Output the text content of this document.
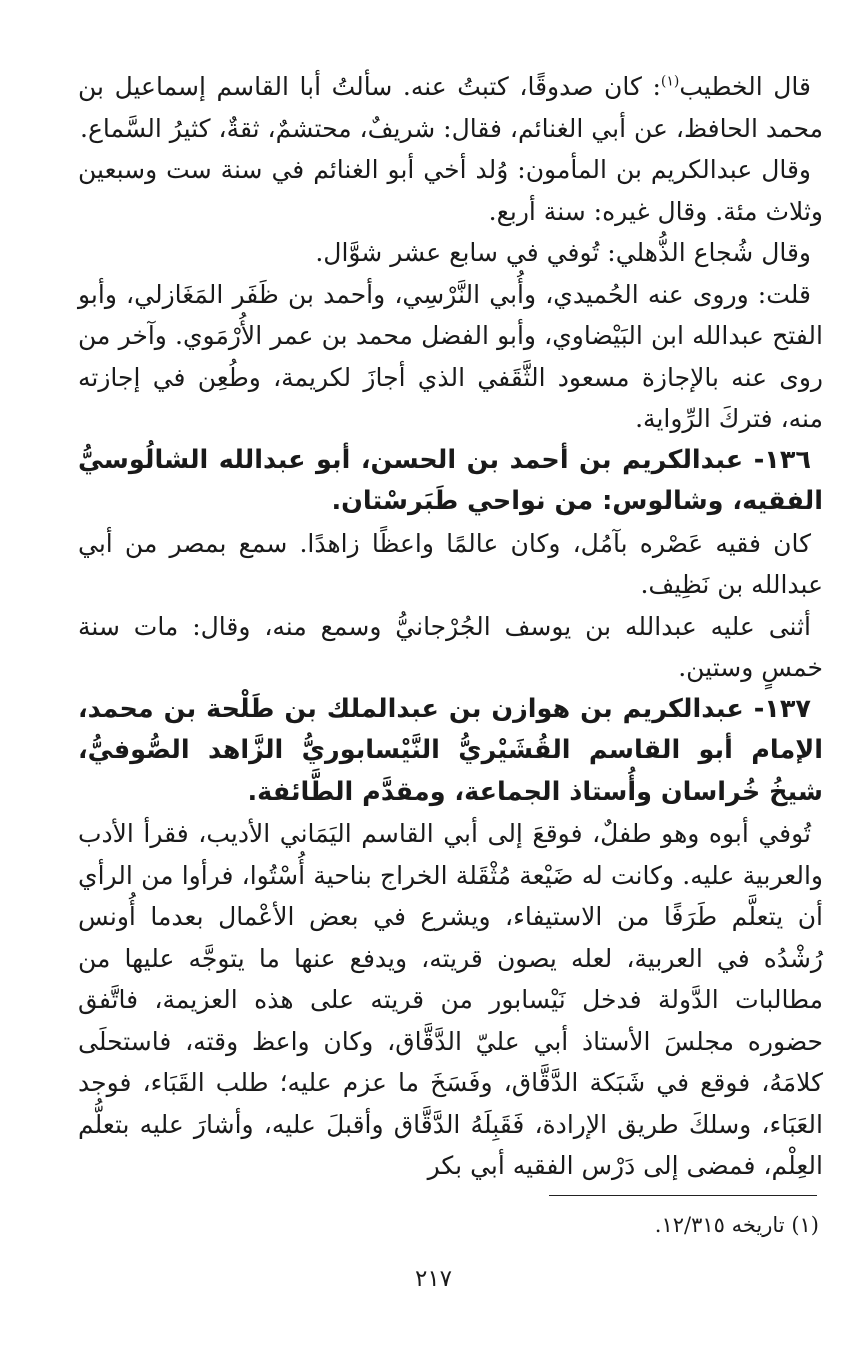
قال الخطيب$^{(١)}$: كان صدوقًا، كتبتُ عنه. سألتُ أبا القاسم إسماعيل بن محمد الحافظ، عن أبي الغنائم، فقال: شريفٌ، محتشمٌ، ثقةٌ، كثيرُ السَّماع.

وقال عبدالكريم بن المأمون: وُلد أخي أبو الغنائم في سنة ست وسبعين وثلاث مئة. وقال غيره: سنة أربع.

وقال شُجاع الذُّهلي: تُوفي في سابع عشر شوَّال.

قلت: وروى عنه الحُميدي، وأُبي النَّرْسِي، وأحمد بن ظَفَر المَغَازلي، وأبو الفتح عبدالله ابن البَيْضاوي، وأبو الفضل محمد بن عمر الأُرْمَوي. وآخر من روى عنه بالإجازة مسعود الثَّقَفي الذي أجازَ لكريمة، وطُعِن في إجازته منه، فتركَ الرِّواية.

١٣٦- عبدالكريم بن أحمد بن الحسن، أبو عبدالله الشالُوسيُّ الفقيه، وشالوس: من نواحي طَبَرسْتان.

كان فقيه عَصْره بآمُل، وكان عالمًا واعظًا زاهدًا. سمع بمصر من أبي عبدالله بن نَظِيف.

أثنى عليه عبدالله بن يوسف الجُرْجانيُّ وسمع منه، وقال: مات سنة خمسٍ وستين.

١٣٧- عبدالكريم بن هوازن بن عبدالملك بن طَلْحة بن محمد، الإمام أبو القاسم القُشَيْريُّ النَّيْسابوريُّ الزَّاهد الصُّوفيُّ، شيخُ خُراسان وأُستاذ الجماعة، ومقدَّم الطَّائفة.

تُوفي أبوه وهو طفلٌ، فوقعَ إلى أبي القاسم اليَمَاني الأديب، فقرأ الأدب والعربية عليه. وكانت له ضَيْعة مُثْقَلة الخراج بناحية أُسْتُوا، فرأوا من الرأي أن يتعلَّم طَرَفًا من الاستيفاء، ويشرع في بعض الأعْمال بعدما أُونس رُشْدُه في العربية، لعله يصون قريته، ويدفع عنها ما يتوجَّه عليها من مطالبات الدَّولة فدخل نَيْسابور من قريته على هذه العزيمة، فاتَّفق حضوره مجلسَ الأستاذ أبي عليّ الدَّقَّاق، وكان واعظ وقته، فاستحلَى كلامَهُ، فوقع في شَبَكة الدَّقَّاق، وفَسَخَ ما عزم عليه؛ طلب القَبَاء، فوجد العَبَاء، وسلكَ طريق الإرادة، فَقَبِلَهُ الدَّقَّاق وأقبلَ عليه، وأشارَ عليه بتعلُّم العِلْم، فمضى إلى دَرْس الفقيه أبي بكر

(١) تاريخه ١٢/٣١٥.
٢١٧
